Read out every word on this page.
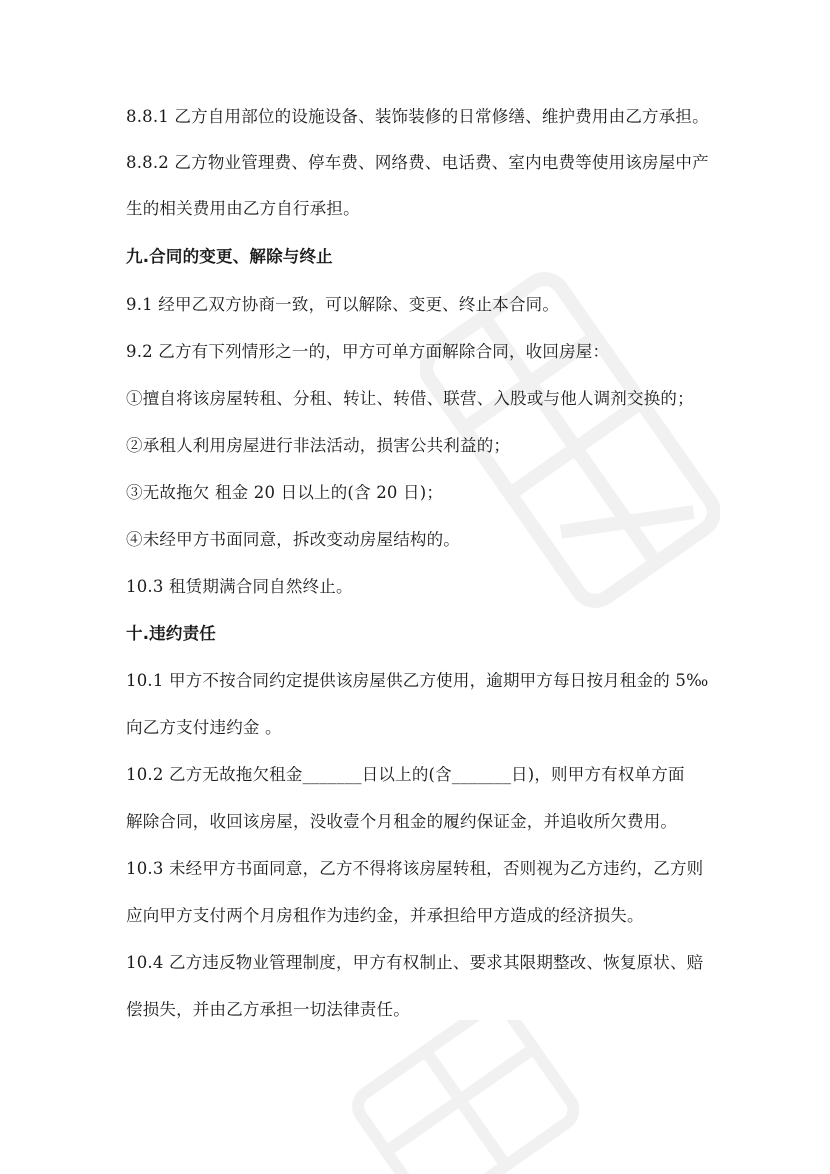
8.8.1 乙方自用部位的设施设备、装饰装修的日常修缮、维护费用由乙方承担。
8.8.2 乙方物业管理费、停车费、网络费、电话费、室内电费等使用该房屋中产
生的相关费用由乙方自行承担。
九.合同的变更、解除与终止
9.1 经甲乙双方协商一致，可以解除、变更、终止本合同。
9.2 乙方有下列情形之一的，甲方可单方面解除合同，收回房屋：
①擅自将该房屋转租、分租、转让、转借、联营、入股或与他人调剂交换的；
②承租人利用房屋进行非法活动，损害公共利益的；
③无故拖欠 租金 20 日以上的(含 20 日)；
④未经甲方书面同意，拆改变动房屋结构的。
10.3 租赁期满合同自然终止。
十.违约责任
10.1 甲方不按合同约定提供该房屋供乙方使用，逾期甲方每日按月租金的 5‰
向乙方支付违约金 。
10.2 乙方无故拖欠租金_______日以上的(含_______日)，则甲方有权单方面
解除合同，收回该房屋，没收壹个月租金的履约保证金，并追收所欠费用。
10.3 未经甲方书面同意，乙方不得将该房屋转租，否则视为乙方违约，乙方则
应向甲方支付两个月房租作为违约金，并承担给甲方造成的经济损失。
10.4 乙方违反物业管理制度，甲方有权制止、要求其限期整改、恢复原状、赔
偿损失，并由乙方承担一切法律责任。
